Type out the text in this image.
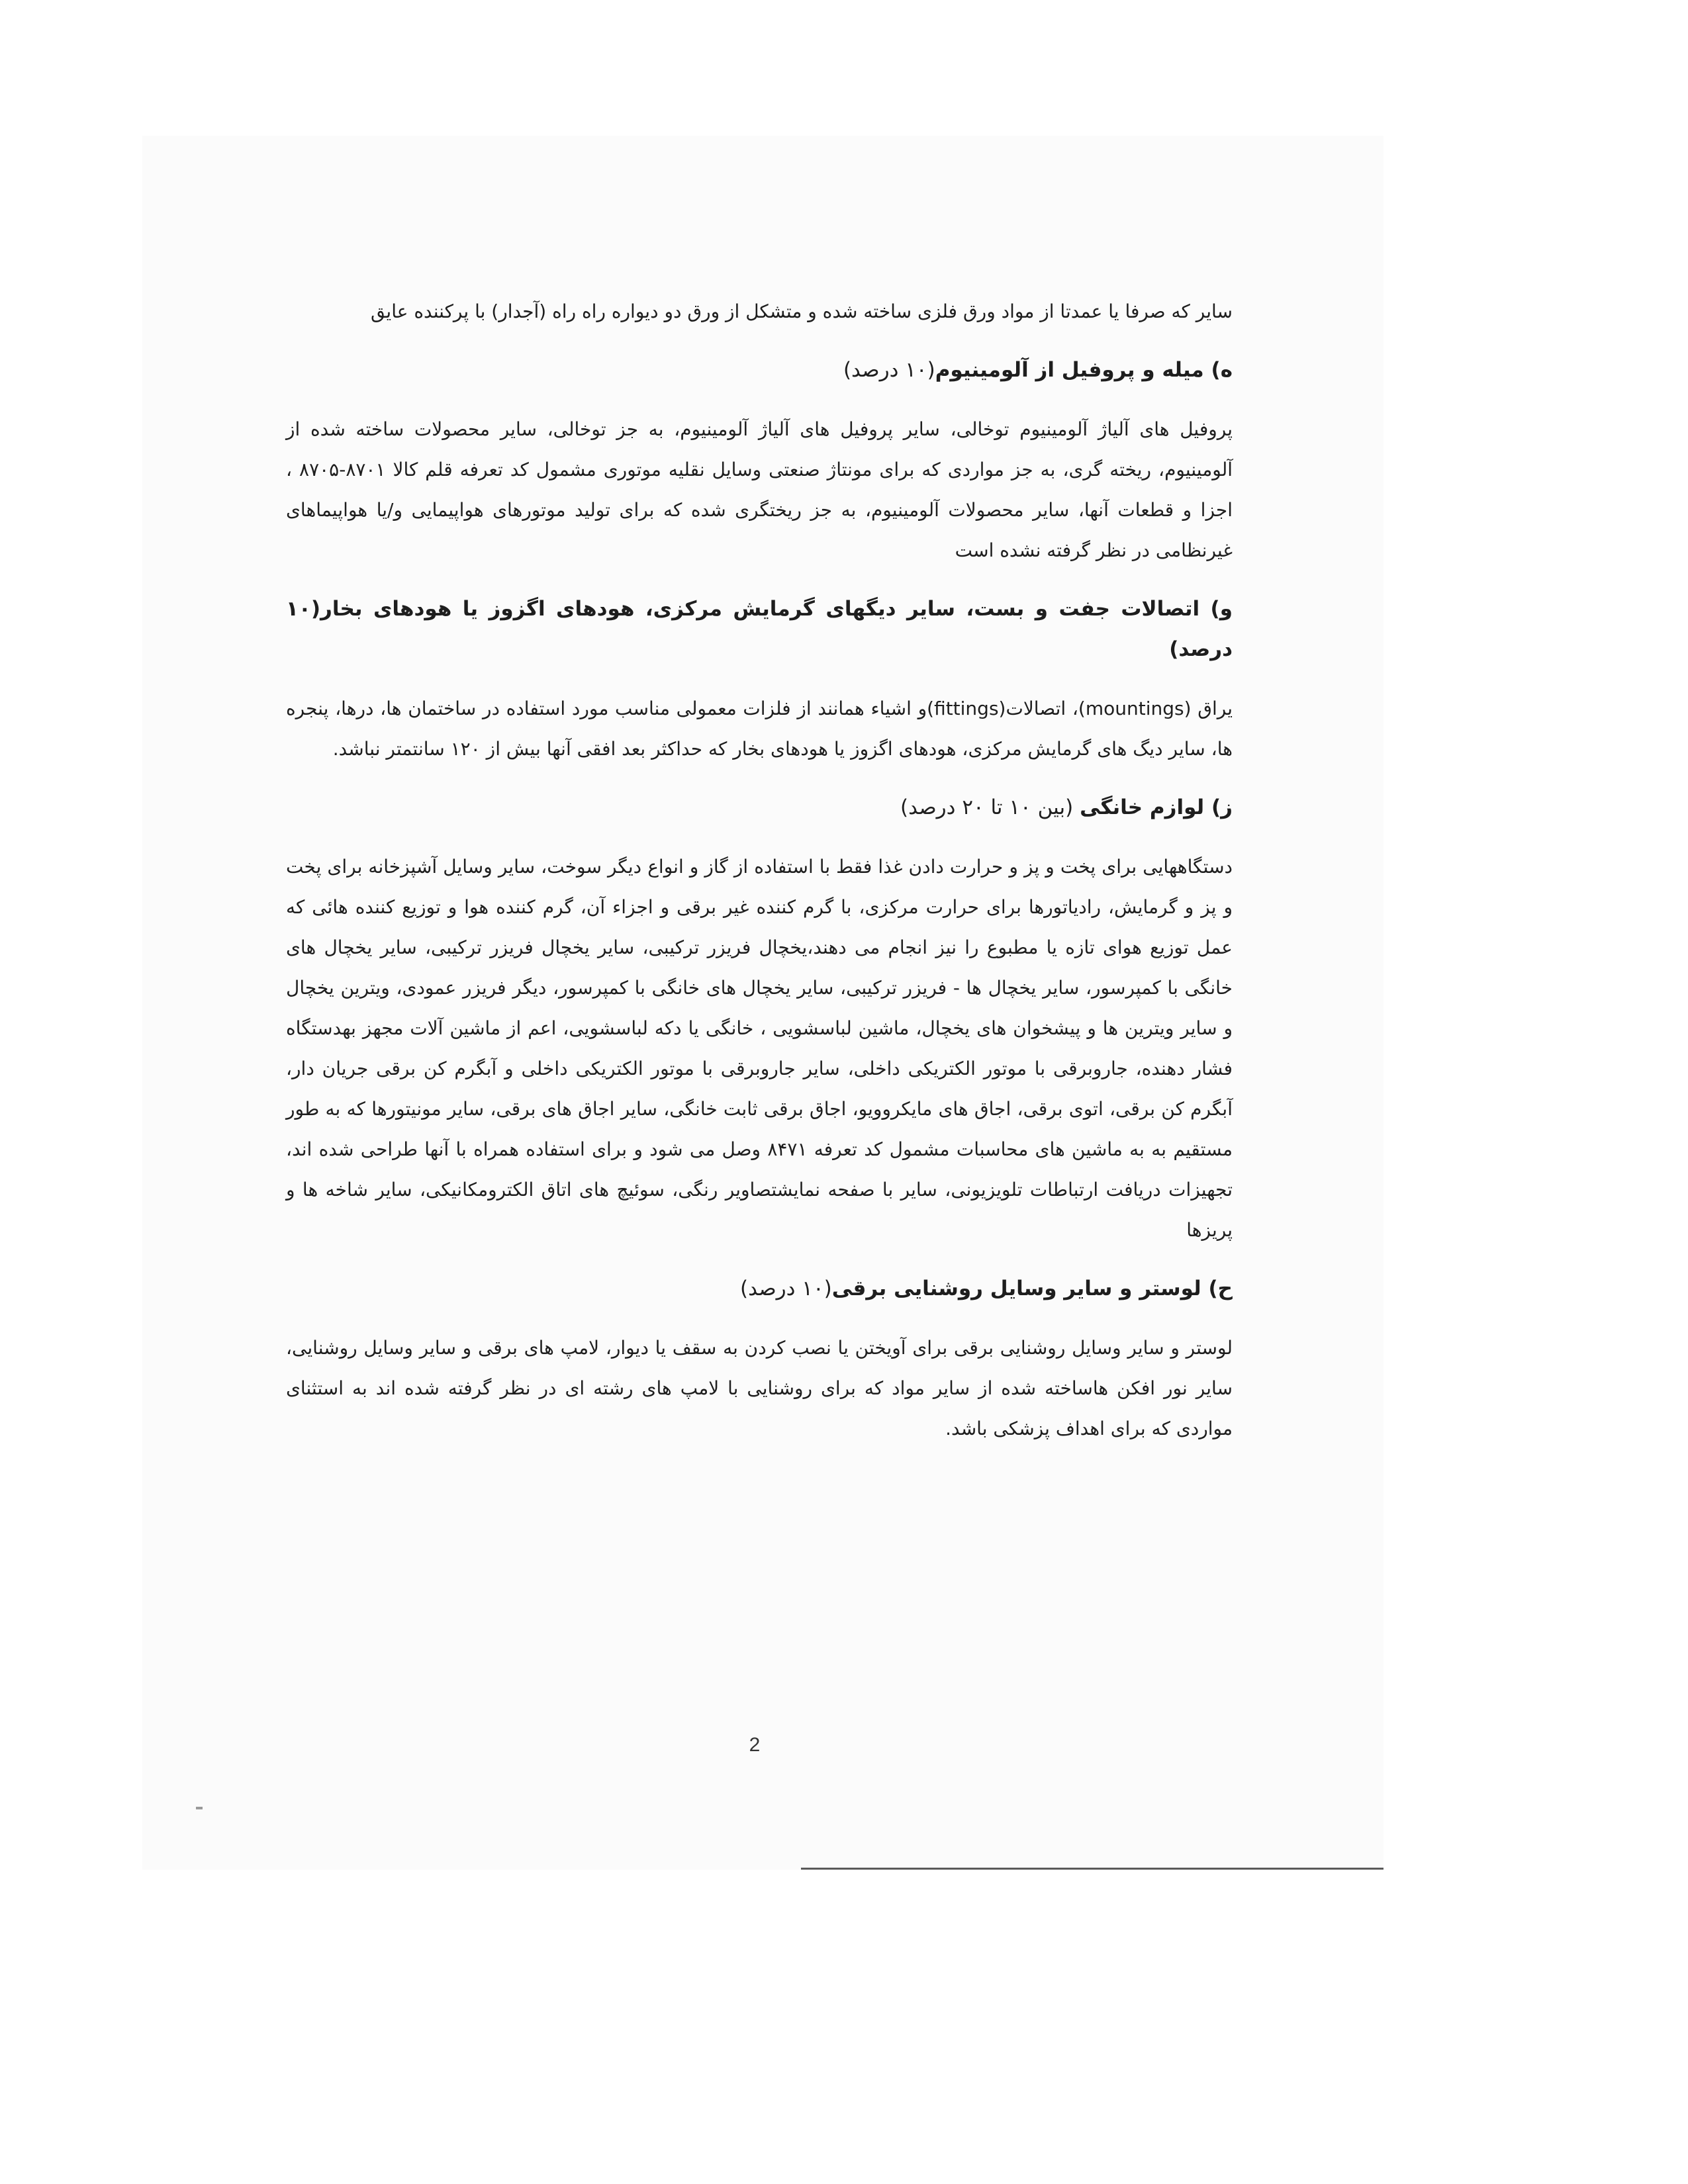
سایر که صرفا یا عمدتا از مواد ورق فلزی ساخته شده و متشکل از ورق دو دیواره راه راه (آجدار) با پرکننده عایق

ه) میله و پروفیل از آلومینیوم(۱۰ درصد)

پروفیل های آلیاژ آلومینیوم توخالی، سایر پروفیل های آلیاژ آلومینیوم، به جز توخالی، سایر محصولات ساخته شده از آلومینیوم، ریخته گری، به جز مواردی که برای مونتاژ صنعتی وسایل نقلیه موتوری مشمول کد تعرفه قلم کالا ۸۷۰۱-۸۷۰۵ ، اجزا و قطعات آنها، سایر محصولات آلومینیوم، به جز ریختگری شده که برای تولید موتورهای هواپیمایی و/یا هواپیماهای غیرنظامی در نظر گرفته نشده است

و) اتصالات جفت و بست، سایر دیگهای گرمایش مرکزی، هودهای اگزوز یا هودهای بخار(۱۰ درصد)

یراق (mountings)، اتصالات(fittings)و اشیاء همانند از فلزات معمولی مناسب مورد استفاده در ساختمان ها، درها، پنجره ها، سایر دیگ های گرمایش مرکزی، هودهای اگزوز یا هودهای بخار که حداکثر بعد افقی آنها بیش از ۱۲۰ سانتمتر نباشد.

ز) لوازم خانگی (بین ۱۰ تا ۲۰ درصد)

دستگاههایی برای پخت و پز و حرارت دادن غذا فقط با استفاده از گاز و انواع دیگر سوخت، سایر وسایل آشپزخانه برای پخت و پز و گرمایش، رادیاتورها برای حرارت مرکزی، با گرم کننده غیر برقی و اجزاء آن، گرم کننده هوا و توزیع کننده هائی که عمل توزیع هوای تازه یا مطبوع را نیز انجام می دهند،یخچال فریزر ترکیبی، سایر یخچال فریزر ترکیبی، سایر یخچال های خانگی با کمپرسور، سایر یخچال ها - فریزر ترکیبی، سایر یخچال های خانگی با کمپرسور، دیگر فریزر عمودی، ویترین یخچال و سایر ویترین ها و پیشخوان های یخچال، ماشین لباسشویی ، خانگی یا دکه لباسشویی، اعم از ماشین آلات مجهز بهدستگاه فشار دهنده، جاروبرقی با موتور الکتریکی داخلی، سایر جاروبرقی با موتور الکتریکی داخلی و آبگرم کن برقی جریان دار، آبگرم کن برقی، اتوی برقی، اجاق های مایکروویو، اجاق برقی ثابت خانگی، سایر اجاق های برقی، سایر مونیتورها که به طور مستقیم به به ماشین های محاسبات مشمول کد تعرفه ۸۴۷۱ وصل می شود و برای استفاده همراه با آنها طراحی شده اند، تجهیزات دریافت ارتباطات تلویزیونی، سایر با صفحه نمایشتصاویر رنگی، سوئیچ های اتاق الکترومکانیکی، سایر شاخه ها و پریزها

ح) لوستر و سایر وسایل روشنایی برقی(۱۰ درصد)

لوستر و سایر وسایل روشنایی برقی برای آویختن یا نصب کردن به سقف یا دیوار، لامپ های برقی و سایر وسایل روشنایی، سایر نور افکن هاساخته شده از سایر مواد که برای روشنایی با لامپ های رشته ای در نظر گرفته شده اند به استثنای مواردی که برای اهداف پزشکی باشد.

2
